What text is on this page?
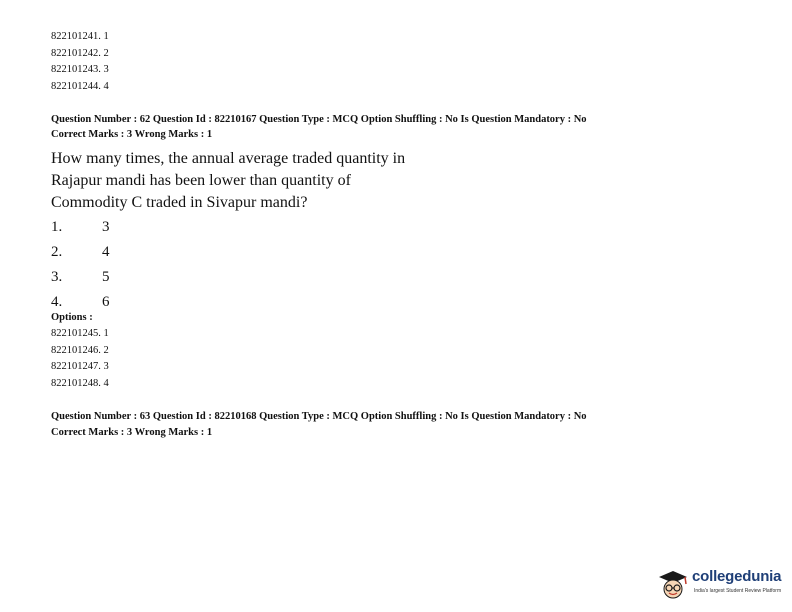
822101241. 1
822101242. 2
822101243. 3
822101244. 4
Question Number : 62 Question Id : 82210167 Question Type : MCQ Option Shuffling : No Is Question Mandatory : No
Correct Marks : 3 Wrong Marks : 1
How many times, the annual average traded quantity in
Rajapur mandi has been lower than quantity of
Commodity C traded in Sivapur mandi?
1.	3
2.	4
3.	5
4.	6
Options :
822101245. 1
822101246. 2
822101247. 3
822101248. 4
Question Number : 63 Question Id : 82210168 Question Type : MCQ Option Shuffling : No Is Question Mandatory : No
Correct Marks : 3 Wrong Marks : 1
collegedunia
India's largest Student Review Platform
